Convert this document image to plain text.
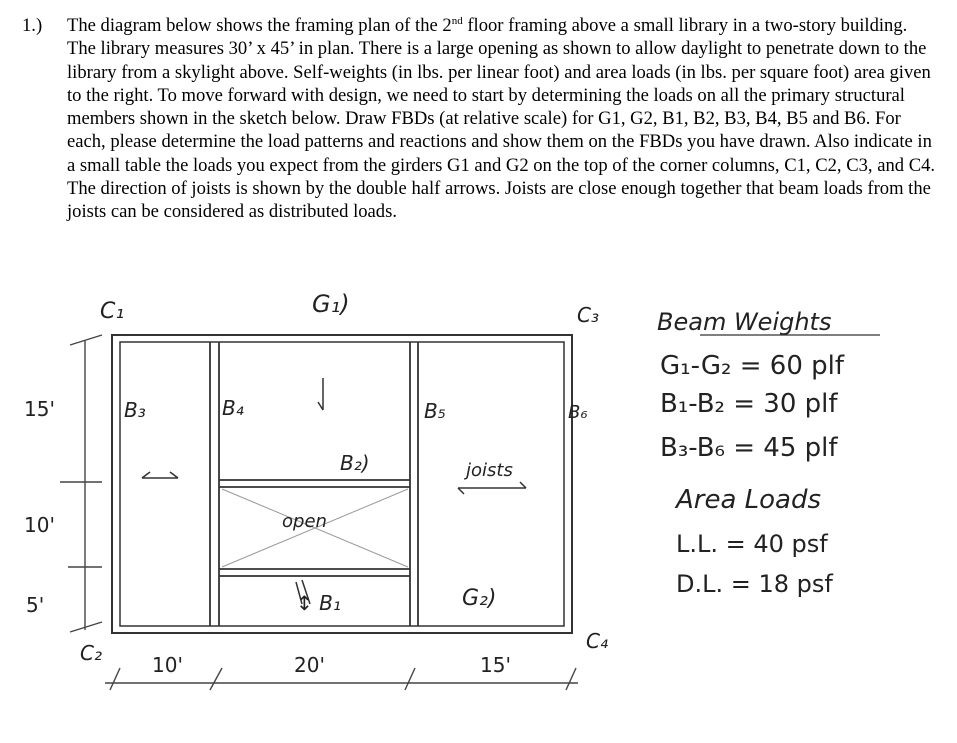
1.) The diagram below shows the framing plan of the 2nd floor framing above a small library in a two-story building. The library measures 30’ x 45’ in plan. There is a large opening as shown to allow daylight to penetrate down to the library from a skylight above. Self-weights (in lbs. per linear foot) and area loads (in lbs. per square foot) area given to the right. To move forward with design, we need to start by determining the loads on all the primary structural members shown in the sketch below. Draw FBDs (at relative scale) for G1, G2, B1, B2, B3, B4, B5 and B6. For each, please determine the load patterns and reactions and show them on the FBDs you have drawn. Also indicate in a small table the loads you expect from the girders G1 and G2 on the top of the corner columns, C1, C2, C3, and C4. The direction of joists is shown by the double half arrows. Joists are close enough together that beam loads from the joists can be considered as distributed loads.
C₁
C₂
C₃
C₄
G₁)
G₂)
B₃	B₄	B₅	B₆
B₂)
↕ B₁
open
joists
15'
10'
5'
10'	20'	15'
Beam Weights
G₁-G₂ = 60 plf
B₁-B₂ = 30 plf
B₃-B₆ = 45 plf
Area Loads
L.L. = 40 psf
D.L. = 18 psf
